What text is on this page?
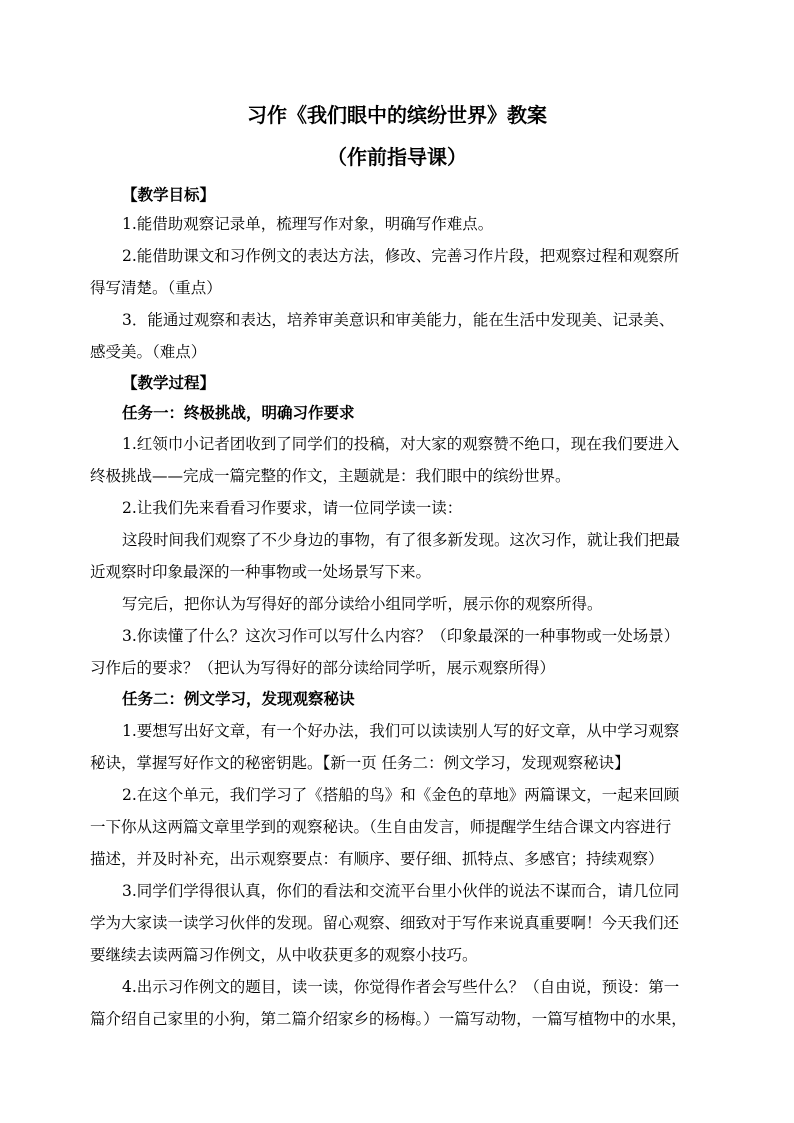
习作《我们眼中的缤纷世界》教案
（作前指导课）
【教学目标】
1.能借助观察记录单，梳理写作对象，明确写作难点。
2.能借助课文和习作例文的表达方法，修改、完善习作片段，把观察过程和观察所
得写清楚。（重点）
3．能通过观察和表达，培养审美意识和审美能力，能在生活中发现美、记录美、
感受美。（难点）
【教学过程】
任务一：终极挑战，明确习作要求
1.红领巾小记者团收到了同学们的投稿，对大家的观察赞不绝口，现在我们要进入
终极挑战——完成一篇完整的作文，主题就是：我们眼中的缤纷世界。
2.让我们先来看看习作要求，请一位同学读一读：
这段时间我们观察了不少身边的事物，有了很多新发现。这次习作，就让我们把最
近观察时印象最深的一种事物或一处场景写下来。
写完后，把你认为写得好的部分读给小组同学听，展示你的观察所得。
3.你读懂了什么？这次习作可以写什么内容？（印象最深的一种事物或一处场景）
习作后的要求？（把认为写得好的部分读给同学听，展示观察所得）
任务二：例文学习，发现观察秘诀
1.要想写出好文章，有一个好办法，我们可以读读别人写的好文章，从中学习观察
秘诀，掌握写好作文的秘密钥匙。【新一页 任务二：例文学习，发现观察秘诀】
2.在这个单元，我们学习了《搭船的鸟》和《金色的草地》两篇课文，一起来回顾
一下你从这两篇文章里学到的观察秘诀。（生自由发言，师提醒学生结合课文内容进行
描述，并及时补充，出示观察要点：有顺序、要仔细、抓特点、多感官；持续观察）
3.同学们学得很认真，你们的看法和交流平台里小伙伴的说法不谋而合，请几位同
学为大家读一读学习伙伴的发现。留心观察、细致对于写作来说真重要啊！今天我们还
要继续去读两篇习作例文，从中收获更多的观察小技巧。
4.出示习作例文的题目，读一读，你觉得作者会写些什么？（自由说，预设：第一
篇介绍自己家里的小狗，第二篇介绍家乡的杨梅。）一篇写动物，一篇写植物中的水果，
